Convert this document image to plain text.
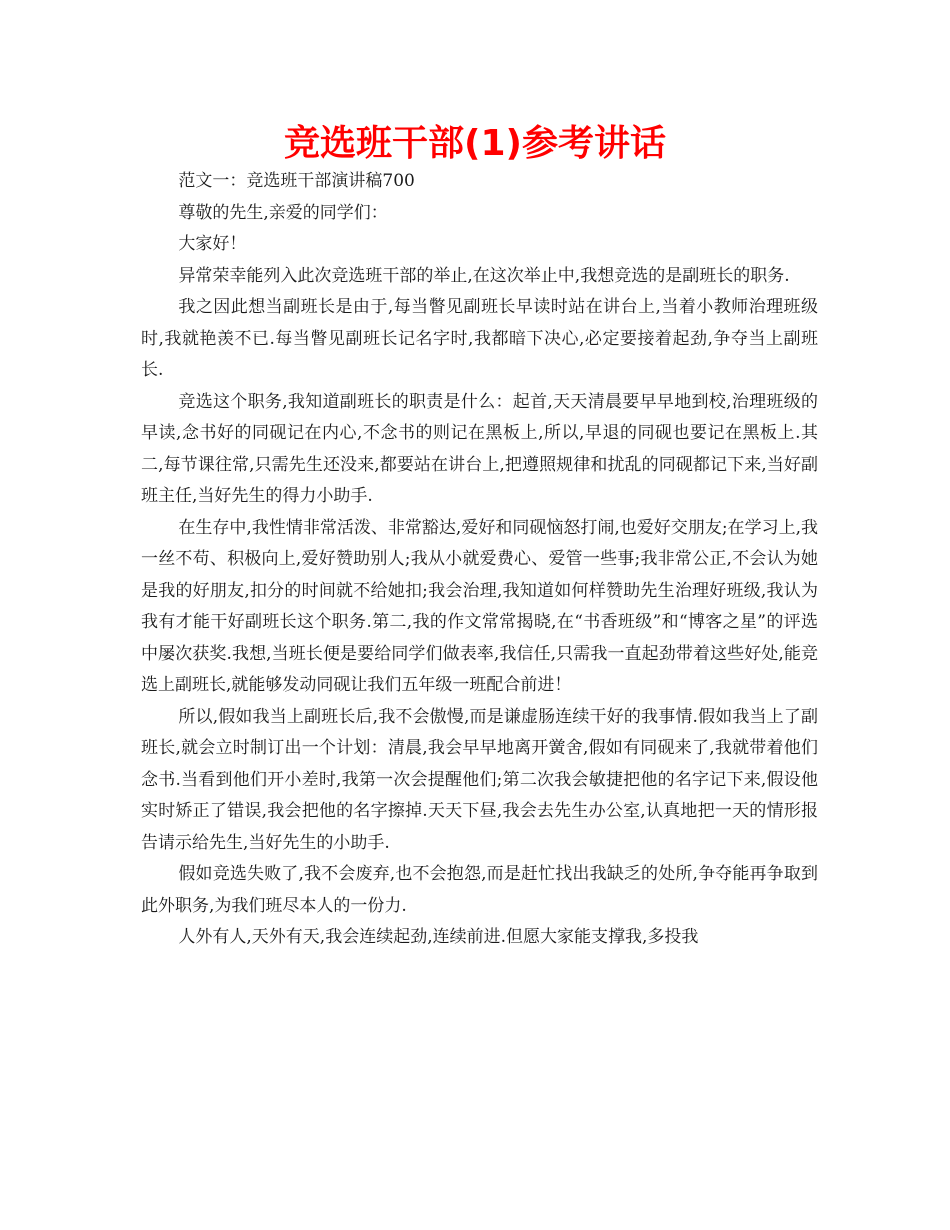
竞选班干部(1)参考讲话

范文一：竞选班干部演讲稿700

尊敬的先生,亲爱的同学们：

大家好！

异常荣幸能列入此次竞选班干部的举止,在这次举止中,我想竞选的是副班长的职务.

我之因此想当副班长是由于,每当瞥见副班长早读时站在讲台上,当着小教师治理班级时,我就艳羡不已.每当瞥见副班长记名字时,我都暗下决心,必定要接着起劲,争夺当上副班长.

竞选这个职务,我知道副班长的职责是什么：起首,天天清晨要早早地到校,治理班级的早读,念书好的同砚记在内心,不念书的则记在黑板上,所以,早退的同砚也要记在黑板上.其二,每节课往常,只需先生还没来,都要站在讲台上,把遵照规律和扰乱的同砚都记下来,当好副班主任,当好先生的得力小助手.

在生存中,我性情非常活泼、非常豁达,爱好和同砚恼怒打闹,也爱好交朋友;在学习上,我一丝不苟、积极向上,爱好赞助别人;我从小就爱费心、爱管一些事;我非常公正,不会认为她是我的好朋友,扣分的时间就不给她扣;我会治理,我知道如何样赞助先生治理好班级,我认为我有才能干好副班长这个职务.第二,我的作文常常揭晓,在“书香班级”和“博客之星”的评选中屡次获奖.我想,当班长便是要给同学们做表率,我信任,只需我一直起劲带着这些好处,能竞选上副班长,就能够发动同砚让我们五年级一班配合前进！

所以,假如我当上副班长后,我不会傲慢,而是谦虚肠连续干好的我事情.假如我当上了副班长,就会立时制订出一个计划：清晨,我会早早地离开黉舍,假如有同砚来了,我就带着他们念书.当看到他们开小差时,我第一次会提醒他们;第二次我会敏捷把他的名字记下来,假设他实时矫正了错误,我会把他的名字擦掉.天天下昼,我会去先生办公室,认真地把一天的情形报告请示给先生,当好先生的小助手.

假如竞选失败了,我不会废弃,也不会抱怨,而是赶忙找出我缺乏的处所,争夺能再争取到此外职务,为我们班尽本人的一份力.

人外有人,天外有天,我会连续起劲,连续前进.但愿大家能支撑我,多投我
